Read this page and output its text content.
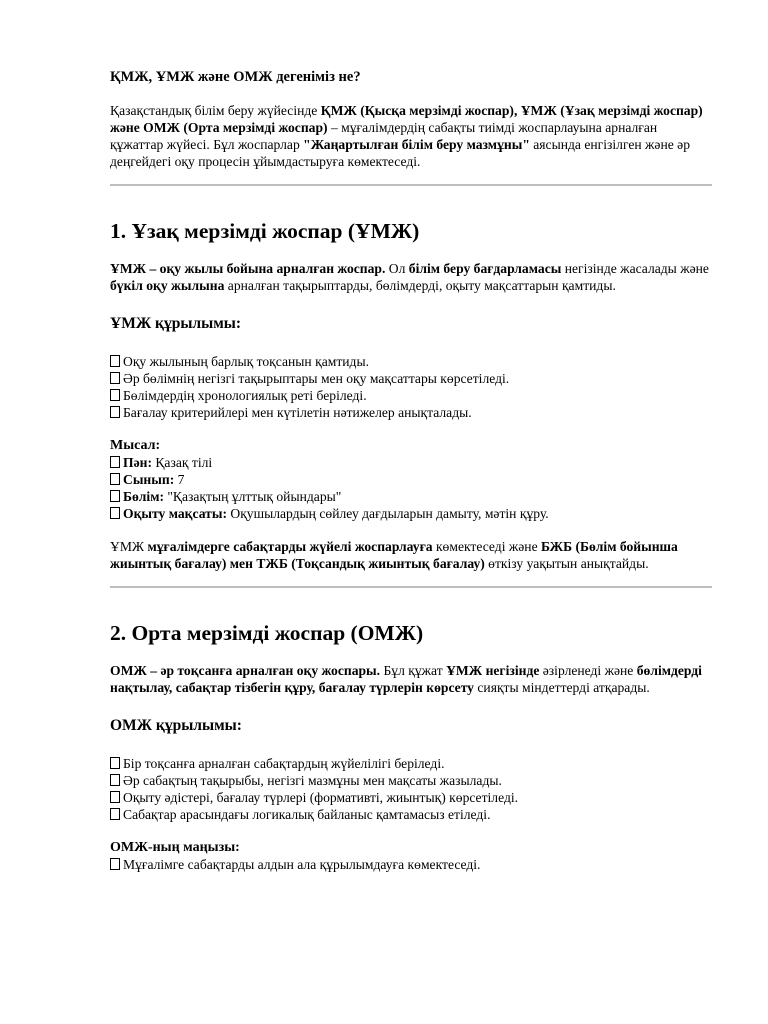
ҚМЖ, ҰМЖ және ОМЖ дегеніміз не?

Қазақстандық білім беру жүйесінде ҚМЖ (Қысқа мерзімді жоспар), ҰМЖ (Ұзақ мерзімді жоспар) және ОМЖ (Орта мерзімді жоспар) – мұғалімдердің сабақты тиімді жоспарлауына арналған құжаттар жүйесі. Бұл жоспарлар "Жаңартылған білім беру мазмұны" аясында енгізілген және әр деңгейдегі оқу процесін ұйымдастыруға көмектеседі.

1. Ұзақ мерзімді жоспар (ҰМЖ)

ҰМЖ – оқу жылы бойына арналған жоспар. Ол білім беру бағдарламасы негізінде жасалады және бүкіл оқу жылына арналған тақырыптарды, бөлімдерді, оқыту мақсаттарын қамтиды.

ҰМЖ құрылымы:

Оқу жылының барлық тоқсанын қамтиды.

Әр бөлімнің негізгі тақырыптары мен оқу мақсаттары көрсетіледі.

Бөлімдердің хронологиялық реті беріледі.

Бағалау критерийлері мен күтілетін нәтижелер анықталады.

Мысал:

Пән: Қазақ тілі

Сынып: 7

Бөлім: "Қазақтың ұлттық ойындары"

Оқыту мақсаты: Оқушылардың сөйлеу дағдыларын дамыту, мәтін құру.

ҰМЖ мұғалімдерге сабақтарды жүйелі жоспарлауға көмектеседі және БЖБ (Бөлім бойынша жиынтық бағалау) мен ТЖБ (Тоқсандық жиынтық бағалау) өткізу уақытын анықтайды.

2. Орта мерзімді жоспар (ОМЖ)

ОМЖ – әр тоқсанға арналған оқу жоспары. Бұл құжат ҰМЖ негізінде әзірленеді және бөлімдерді нақтылау, сабақтар тізбегін құру, бағалау түрлерін көрсету сияқты міндеттерді атқарады.

ОМЖ құрылымы:

Бір тоқсанға арналған сабақтардың жүйелілігі беріледі.

Әр сабақтың тақырыбы, негізгі мазмұны мен мақсаты жазылады.

Оқыту әдістері, бағалау түрлері (формативті, жиынтық) көрсетіледі.

Сабақтар арасындағы логикалық байланыс қамтамасыз етіледі.

ОМЖ-ның маңызы:

Мұғалімге сабақтарды алдын ала құрылымдауға көмектеседі.
